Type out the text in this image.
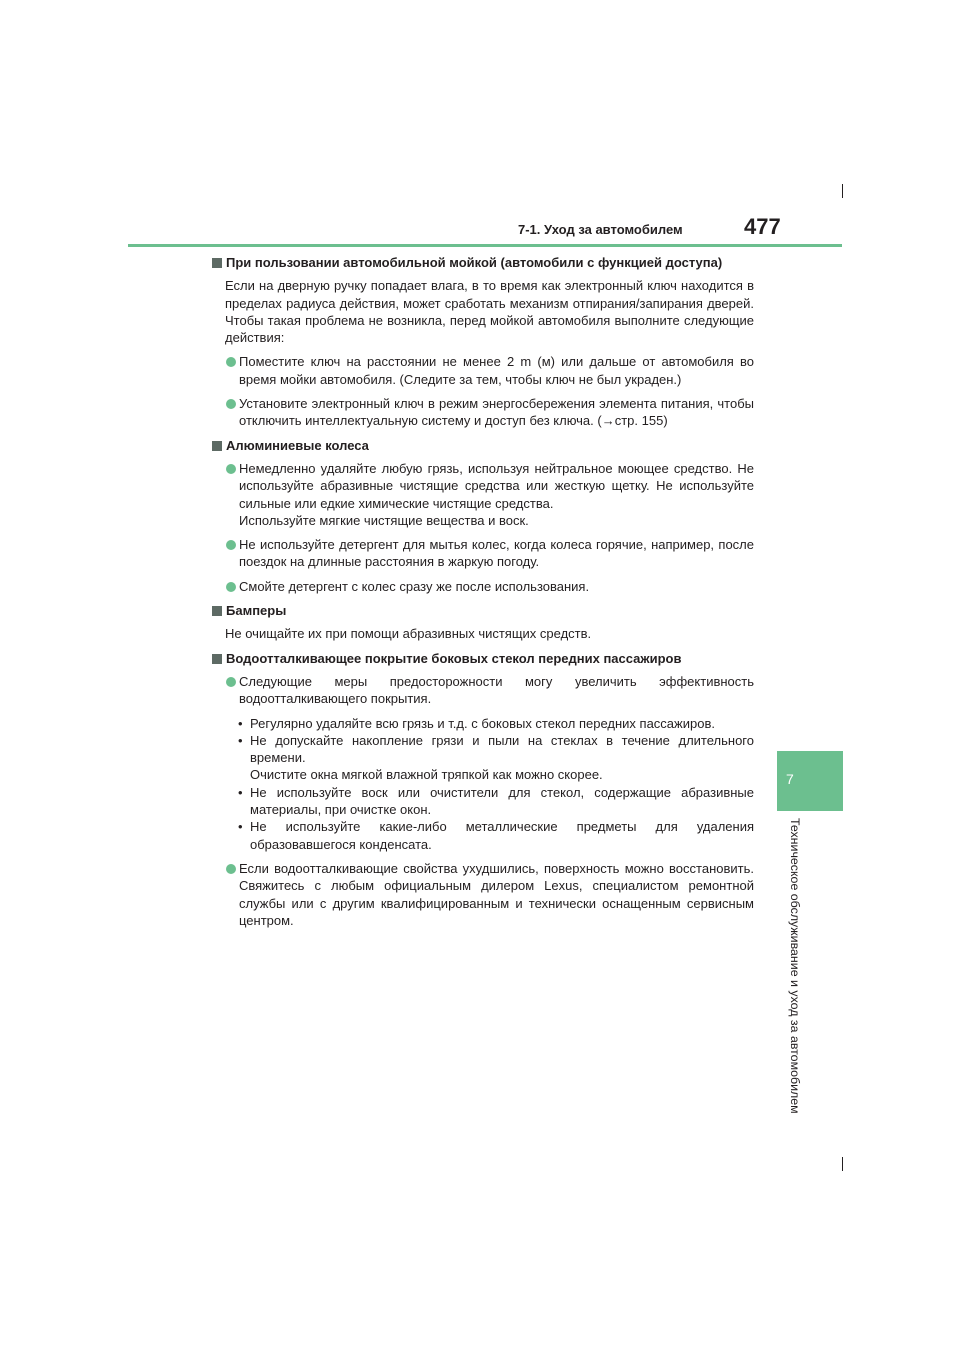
7-1. Уход за автомобилем	477
7
Техническое обслуживание и уход за автомобилем
При пользовании автомобильной мойкой (автомобили с функцией доступа)
Если на дверную ручку попадает влага, в то время как электронный ключ находится в пределах радиуса действия, может сработать механизм отпирания/запирания дверей. Чтобы такая проблема не возникла, перед мойкой автомобиля выполните следующие действия:
Поместите ключ на расстоянии не менее 2 m (м) или дальше от автомобиля во время мойки автомобиля. (Следите за тем, чтобы ключ не был украден.)
Установите электронный ключ в режим энергосбережения элемента питания, чтобы отключить интеллектуальную систему и доступ без ключа. (→стр. 155)
Алюминиевые колеса
Немедленно удаляйте любую грязь, используя нейтральное моющее средство. Не используйте абразивные чистящие средства или жесткую щетку. Не используйте сильные или едкие химические чистящие средства.
Используйте мягкие чистящие вещества и воск.
Не используйте детергент для мытья колес, когда колеса горячие, например, после поездок на длинные расстояния в жаркую погоду.
Смойте детергент с колес сразу же после использования.
Бамперы
Не очищайте их при помощи абразивных чистящих средств.
Водоотталкивающее покрытие боковых стекол передних пассажиров
Следующие меры предосторожности могу увеличить эффективность водоотталкивающего покрытия.
• Регулярно удаляйте всю грязь и т.д. с боковых стекол передних пассажиров.
• Не допускайте накопление грязи и пыли на стеклах в течение длительного времени.
Очистите окна мягкой влажной тряпкой как можно скорее.
• Не используйте воск или очистители для стекол, содержащие абразивные материалы, при очистке окон.
• Не используйте какие-либо металлические предметы для удаления образовавшегося конденсата.
Если водоотталкивающие свойства ухудшились, поверхность можно восстановить. Свяжитесь с любым официальным дилером Lexus, специалистом ремонтной службы или с другим квалифицированным и технически оснащенным сервисным центром.
